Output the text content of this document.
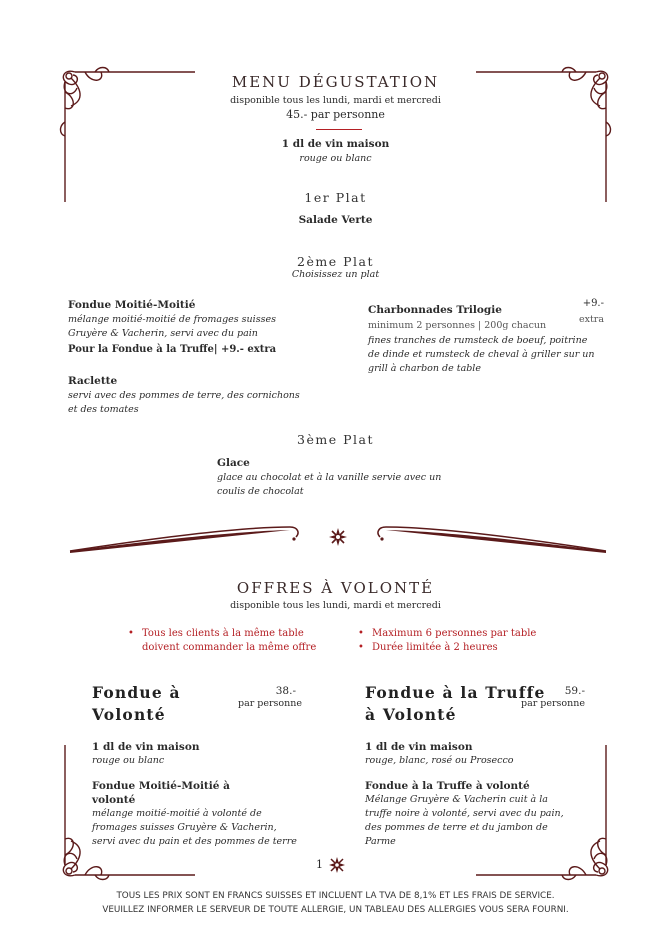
MENU DÉGUSTATION
disponible tous les lundi, mardi et mercredi
45.- par personne
1 dl de vin maison
rouge ou blanc
1er Plat
Salade Verte
2ème Plat
Choisissez un plat
Fondue Moitié-Moitié
mélange moitié-moitié de fromages suisses
Gruyère & Vacherin, servi avec du pain
Pour la Fondue à la Truffe| +9.- extra
Raclette
servi avec des pommes de terre, des cornichons
et des tomates
Charbonnades Trilogie
+9.-
minimum 2 personnes | 200g chacun
extra
fines tranches de rumsteck de boeuf, poitrine
de dinde et rumsteck de cheval à griller sur un
grill à charbon de table
3ème Plat
Glace
glace au chocolat et à la vanille servie avec un
coulis de chocolat
OFFRES À VOLONTÉ
disponible tous les lundi, mardi et mercredi
• Tous les clients à la même table
doivent commander la même offre
• Maximum 6 personnes par table
• Durée limitée à 2 heures
Fondue à
Volonté
38.-
par personne
1 dl de vin maison
rouge ou blanc
Fondue Moitié-Moitié à
volonté
mélange moitié-moitié à volonté de
fromages suisses Gruyère & Vacherin,
servi avec du pain et des pommes de terre
Fondue à la Truffe
à Volonté
59.-
par personne
1 dl de vin maison
rouge, blanc, rosé ou Prosecco
Fondue à la Truffe à volonté
Mélange Gruyère & Vacherin cuit à la
truffe noire à volonté, servi avec du pain,
des pommes de terre et du jambon de
Parme
1
TOUS LES PRIX SONT EN FRANCS SUISSES ET INCLUENT LA TVA DE 8,1% ET LES FRAIS DE SERVICE.
VEUILLEZ INFORMER LE SERVEUR DE TOUTE ALLERGIE, UN TABLEAU DES ALLERGIES VOUS SERA FOURNI.
